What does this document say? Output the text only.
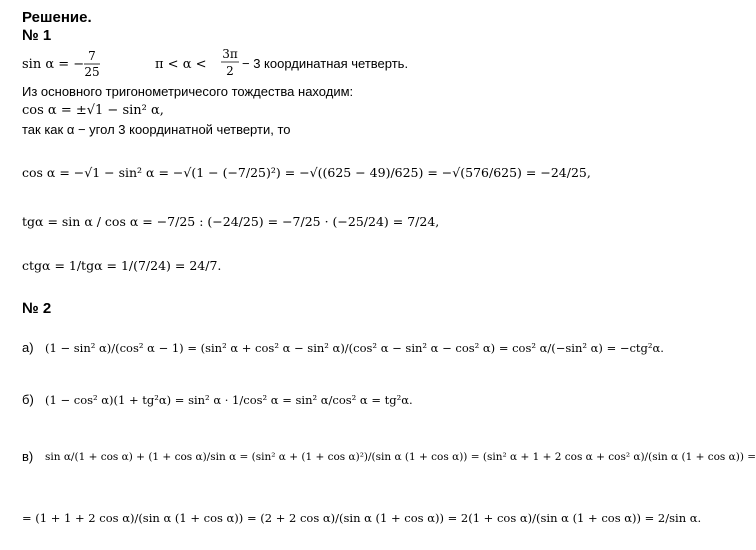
Решение.
№ 1
sin α = −
7
25	π < α <
3π
2 − 3 координатная четверть.
Из основного тригонометричесого тождества находим:
cos α = ±√1 − sin² α,
так как α − угол 3 координатной четверти, то
cos α = −√1 − sin² α = −√(1 − (−7/25)²) = −√((625 − 49)/625) = −√(576/625) = −24/25,
tgα = sin α / cos α = −7/25 : (−24/25) = −7/25 · (−25/24) = 7/24,
ctgα = 1/tgα = 1/(7/24) = 24/7.
№ 2
а) (1 − sin² α)/(cos² α − 1) = (sin² α + cos² α − sin² α)/(cos² α − sin² α − cos² α) = cos² α/(−sin² α) = −ctg²α.
б) (1 − cos² α)(1 + tg²α) = sin² α · 1/cos² α = sin² α/cos² α = tg²α.
в) sin α/(1 + cos α) + (1 + cos α)/sin α = (sin² α + (1 + cos α)²)/(sin α (1 + cos α)) = (sin² α + 1 + 2 cos α + cos² α)/(sin α (1 + cos α)) =
= (1 + 1 + 2 cos α)/(sin α (1 + cos α)) = (2 + 2 cos α)/(sin α (1 + cos α)) = 2(1 + cos α)/(sin α (1 + cos α)) = 2/sin α.
